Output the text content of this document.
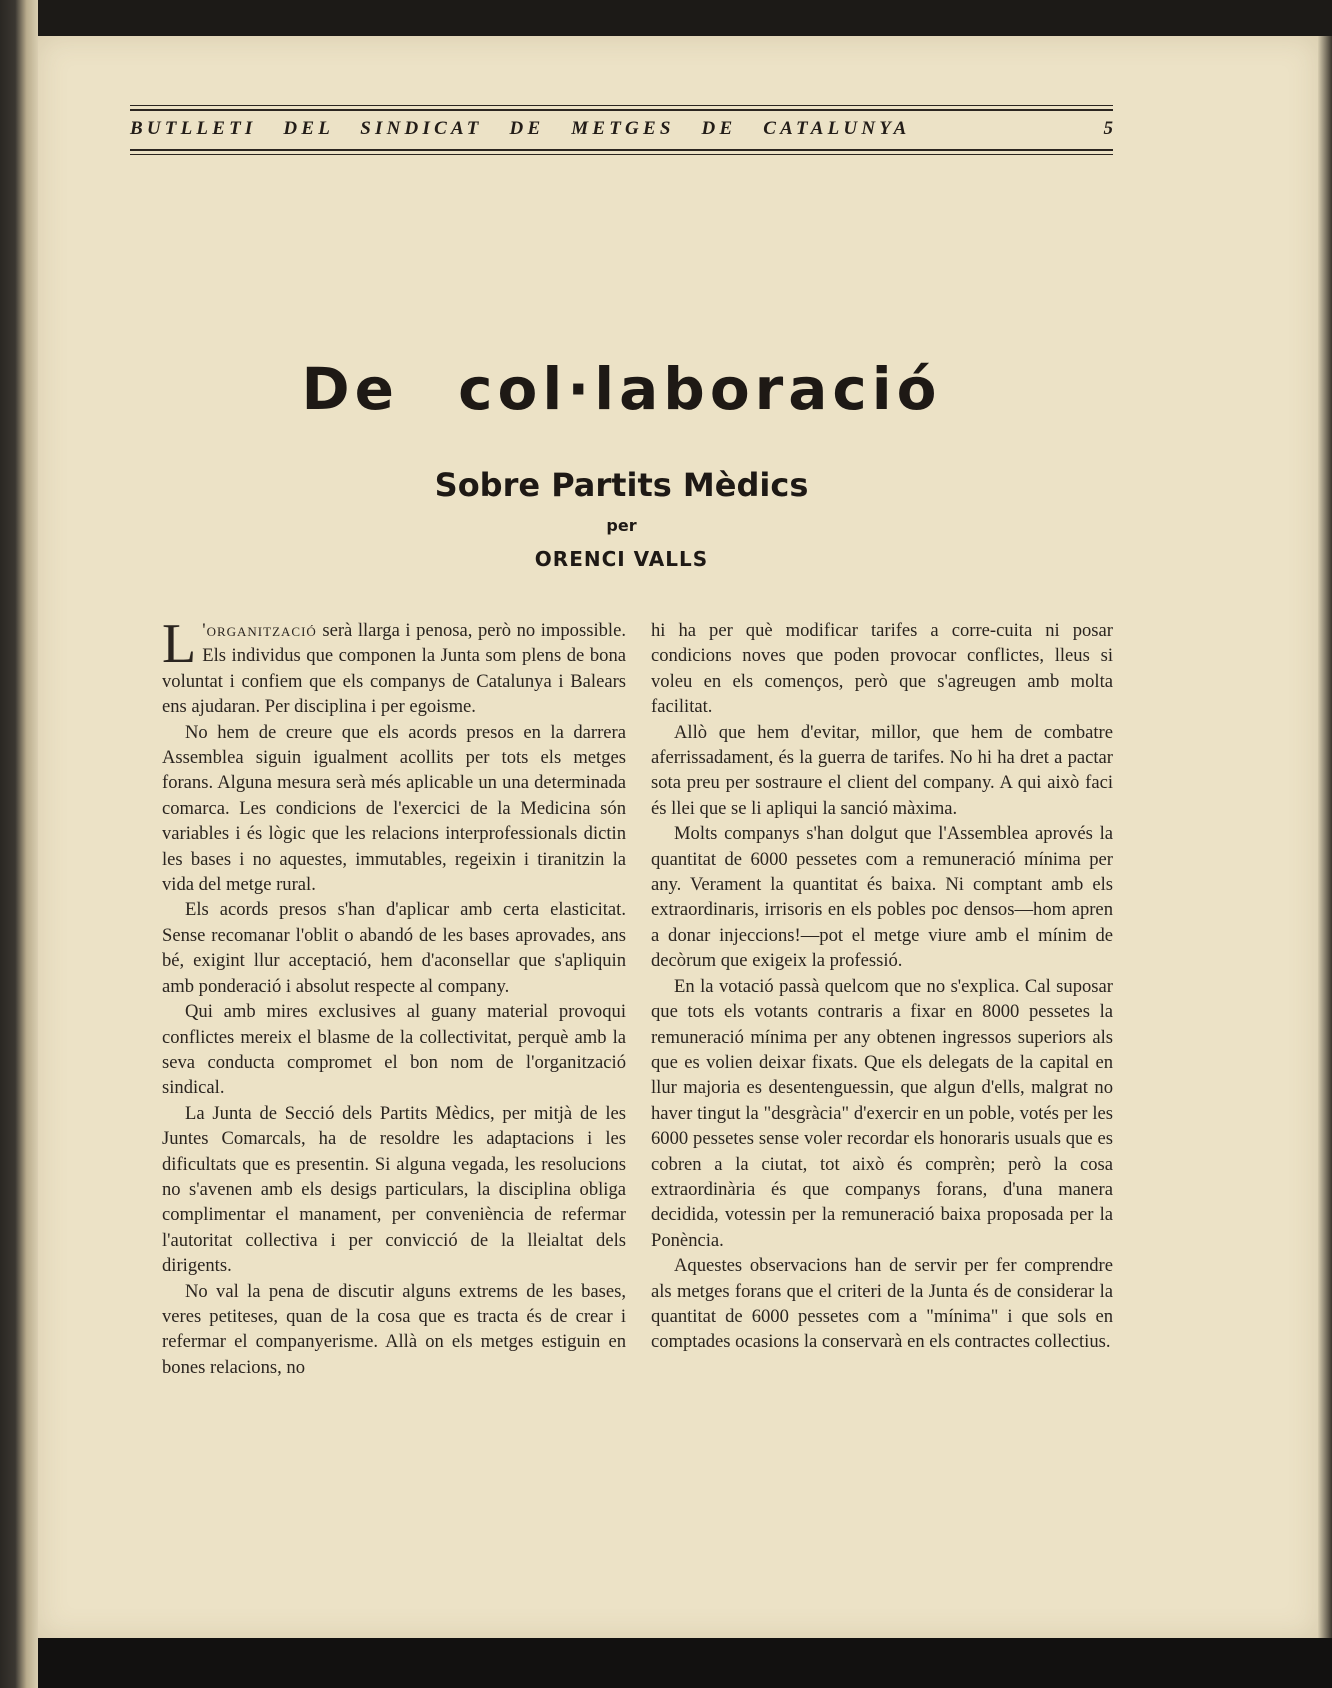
BUTLLETI DEL SINDICAT DE METGES DE CATALUNYA	5
De col·laboració
Sobre Partits Mèdics
per
ORENCI VALLS

L 'organització serà llarga i penosa, però no impossible. Els individus que componen la Junta som plens de bona voluntat i confiem que els companys de Catalunya i Balears ens ajudaran. Per disciplina i per egoisme.

No hem de creure que els acords presos en la darrera Assemblea siguin igualment acollits per tots els metges forans. Alguna mesura serà més aplicable un una determinada comarca. Les condicions de l'exercici de la Medicina són variables i és lògic que les relacions interprofessionals dictin les bases i no aquestes, immutables, regeixin i tiranitzin la vida del metge rural.

Els acords presos s'han d'aplicar amb certa elasticitat. Sense recomanar l'oblit o abandó de les bases aprovades, ans bé, exigint llur acceptació, hem d'aconsellar que s'apliquin amb ponderació i absolut respecte al company.

Qui amb mires exclusives al guany material provoqui conflictes mereix el blasme de la collectivitat, perquè amb la seva conducta compromet el bon nom de l'organització sindical.

La Junta de Secció dels Partits Mèdics, per mitjà de les Juntes Comarcals, ha de resoldre les adaptacions i les dificultats que es presentin. Si alguna vegada, les resolucions no s'avenen amb els desigs particulars, la disciplina obliga complimentar el manament, per conveniència de refermar l'autoritat collectiva i per convicció de la lleialtat dels dirigents.

No val la pena de discutir alguns extrems de les bases, veres petiteses, quan de la cosa que es tracta és de crear i refermar el companyerisme. Allà on els metges estiguin en bones relacions, no

hi ha per què modificar tarifes a corre-cuita ni posar condicions noves que poden provocar conflictes, lleus si voleu en els començos, però que s'agreugen amb molta facilitat.

Allò que hem d'evitar, millor, que hem de combatre aferrissadament, és la guerra de tarifes. No hi ha dret a pactar sota preu per sostraure el client del company. A qui això faci és llei que se li apliqui la sanció màxima.

Molts companys s'han dolgut que l'Assemblea aprovés la quantitat de 6000 pessetes com a remuneració mínima per any. Verament la quantitat és baixa. Ni comptant amb els extraordinaris, irrisoris en els pobles poc densos—hom apren a donar injeccions!—pot el metge viure amb el mínim de decòrum que exigeix la professió.

En la votació passà quelcom que no s'explica. Cal suposar que tots els votants contraris a fixar en 8000 pessetes la remuneració mínima per any obtenen ingressos superiors als que es volien deixar fixats. Que els delegats de la capital en llur majoria es desentenguessin, que algun d'ells, malgrat no haver tingut la "desgràcia" d'exercir en un poble, votés per les 6000 pessetes sense voler recordar els honoraris usuals que es cobren a la ciutat, tot això és comprèn; però la cosa extraordinària és que companys forans, d'una manera decidida, votessin per la remuneració baixa proposada per la Ponència.

Aquestes observacions han de servir per fer comprendre als metges forans que el criteri de la Junta és de considerar la quantitat de 6000 pessetes com a "mínima" i que sols en comptades ocasions la conservarà en els contractes collectius.
